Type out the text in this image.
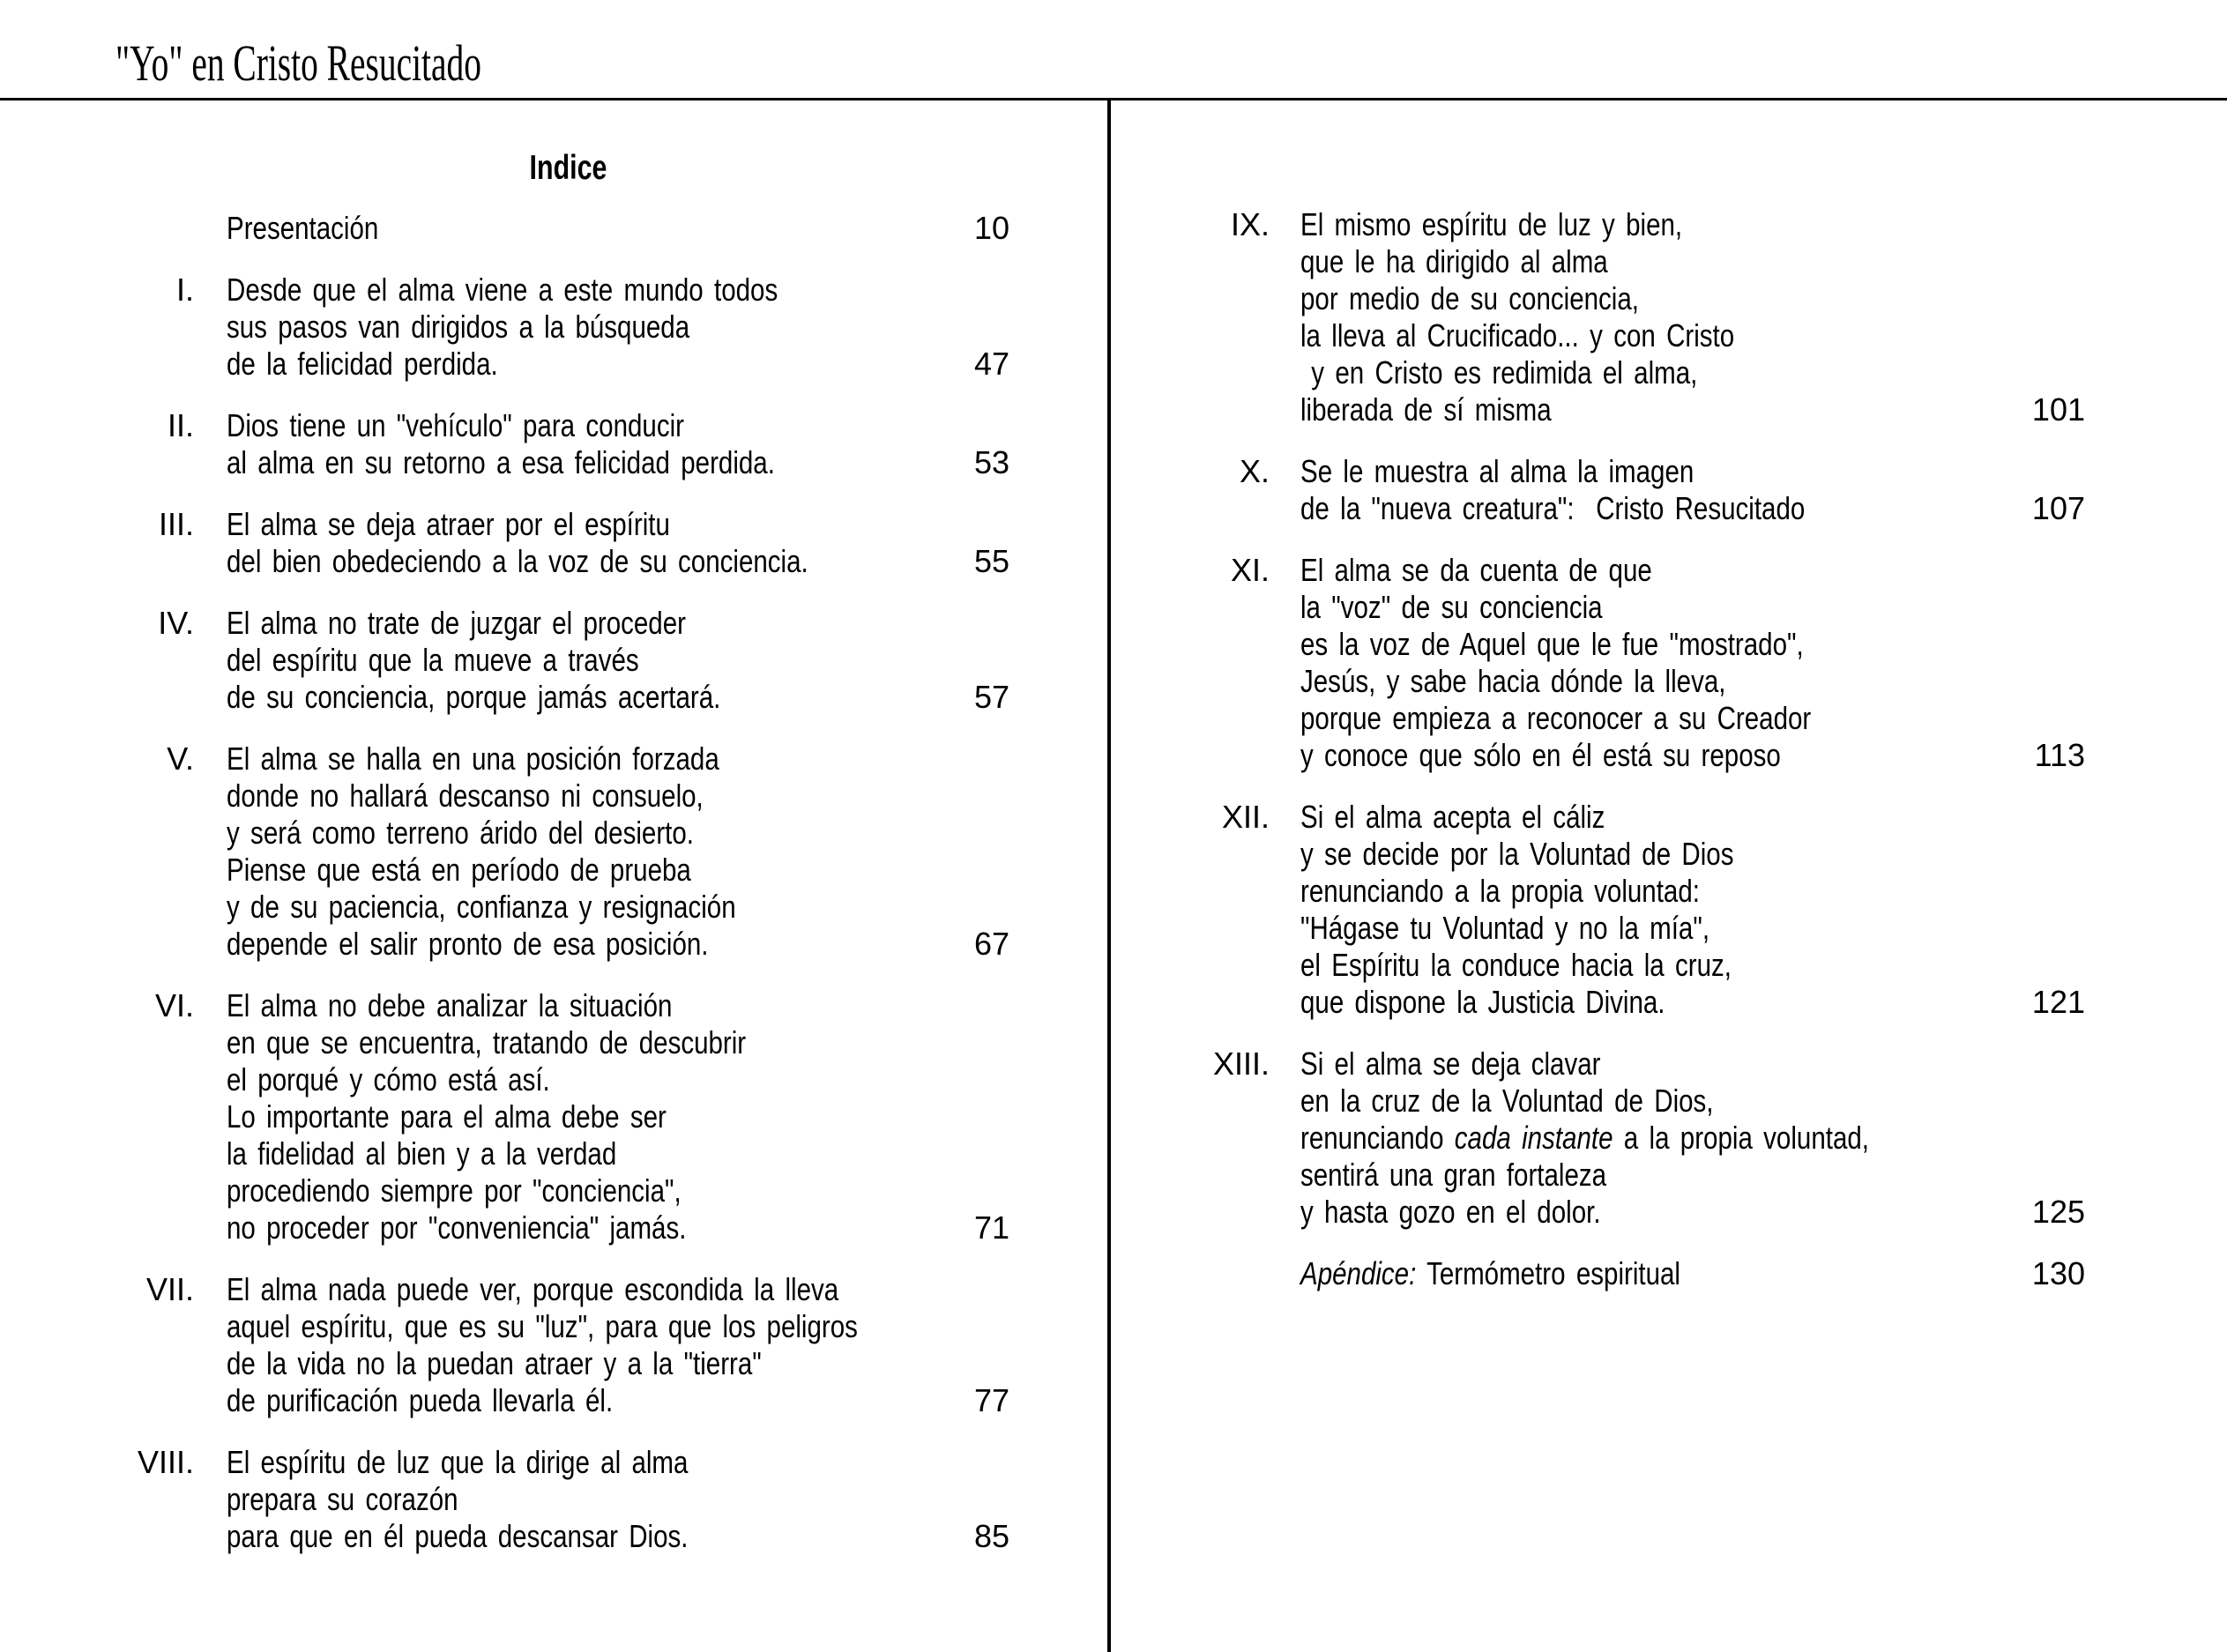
"Yo" en Cristo Resucitado
Indice
Presentación	10
I. Desde que el alma viene a este mundo todos
sus pasos van dirigidos a la búsqueda
de la felicidad perdida.	47
II. Dios tiene un "vehículo" para conducir
al alma en su retorno a esa felicidad perdida.	53
III. El alma se deja atraer por el espíritu
del bien obedeciendo a la voz de su conciencia.	55
IV. El alma no trate de juzgar el proceder
del espíritu que la mueve a través
de su conciencia, porque jamás acertará.	57
V. El alma se halla en una posición forzada
donde no hallará descanso ni consuelo,
y será como terreno árido del desierto.
Piense que está en período de prueba
y de su paciencia, confianza y resignación
depende el salir pronto de esa posición.	67
VI. El alma no debe analizar la situación
en que se encuentra, tratando de descubrir
el porqué y cómo está así.
Lo importante para el alma debe ser
la fidelidad al bien y a la verdad
procediendo siempre por "conciencia",
no proceder por "conveniencia" jamás.	71
VII. El alma nada puede ver, porque escondida la lleva
aquel espíritu, que es su "luz", para que los peligros
de la vida no la puedan atraer y a la "tierra"
de purificación pueda llevarla él.	77
VIII. El espíritu de luz que la dirige al alma
prepara su corazón
para que en él pueda descansar Dios.	85
IX. El mismo espíritu de luz y bien,
que le ha dirigido al alma
por medio de su conciencia,
la lleva al Crucificado... y con Cristo
y en Cristo es redimida el alma,
liberada de sí misma	101
X. Se le muestra al alma la imagen
de la "nueva creatura":  Cristo Resucitado	107
XI. El alma se da cuenta de que
la "voz" de su conciencia
es la voz de Aquel que le fue "mostrado",
Jesús, y sabe hacia dónde la lleva,
porque empieza a reconocer a su Creador
y conoce que sólo en él está su reposo	113
XII. Si el alma acepta el cáliz
y se decide por la Voluntad de Dios
renunciando a la propia voluntad:
"Hágase tu Voluntad y no la mía",
el Espíritu la conduce hacia la cruz,
que dispone la Justicia Divina.	121
XIII. Si el alma se deja clavar
en la cruz de la Voluntad de Dios,
renunciando cada instante a la propia voluntad,
sentirá una gran fortaleza
y hasta gozo en el dolor.	125
Apéndice: Termómetro espiritual	130
